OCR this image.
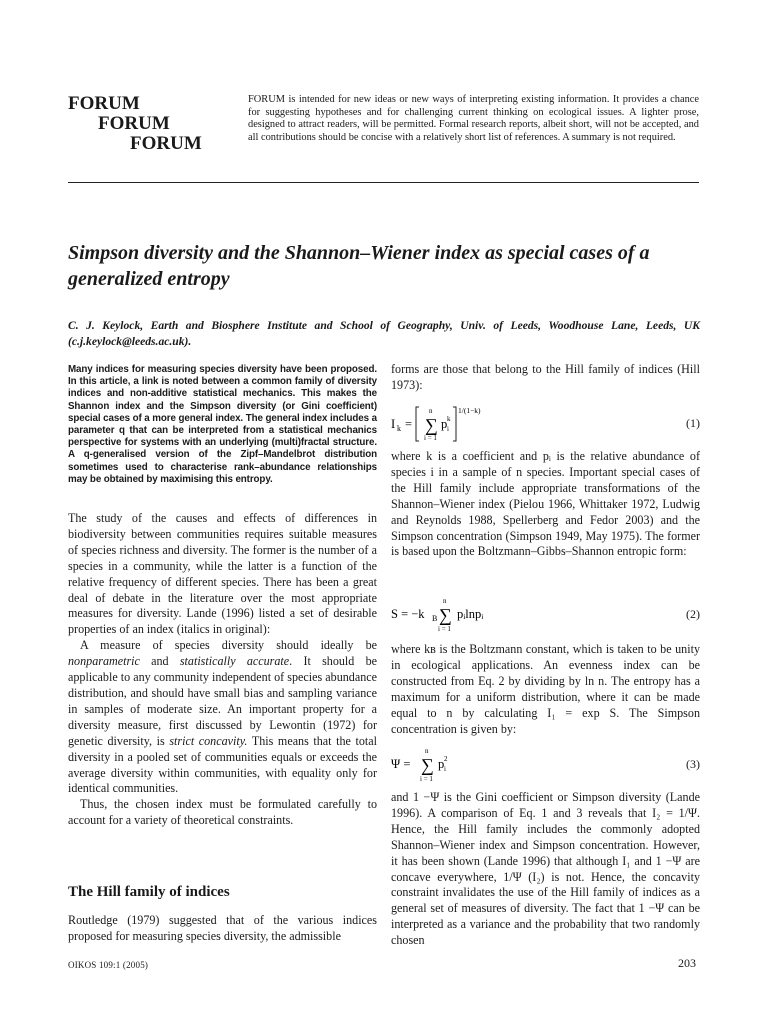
FORUM
FORUM
FORUM
FORUM is intended for new ideas or new ways of interpreting existing information. It provides a chance for suggesting hypotheses and for challenging current thinking on ecological issues. A lighter prose, designed to attract readers, will be permitted. Formal research reports, albeit short, will not be accepted, and all contributions should be concise with a relatively short list of references. A summary is not required.
Simpson diversity and the Shannon–Wiener index as special cases of a generalized entropy
C. J. Keylock, Earth and Biosphere Institute and School of Geography, Univ. of Leeds, Woodhouse Lane, Leeds, UK (c.j.keylock@leeds.ac.uk).
Many indices for measuring species diversity have been proposed. In this article, a link is noted between a common family of diversity indices and non-additive statistical mechanics. This makes the Shannon index and the Simpson diversity (or Gini coefficient) special cases of a more general index. The general index includes a parameter q that can be interpreted from a statistical mechanics perspective for systems with an underlying (multi)fractal structure. A q-generalised version of the Zipf–Mandelbrot distribution sometimes used to characterise rank–abundance relationships may be obtained by maximising this entropy.

The study of the causes and effects of differences in biodiversity between communities requires suitable measures of species richness and diversity. The former is the number of a species in a community, while the latter is a function of the relative frequency of different species. There has been a great deal of debate in the literature over the most appropriate measures for diversity. Lande (1996) listed a set of desirable properties of an index (italics in original):

A measure of species diversity should ideally be nonparametric and statistically accurate. It should be applicable to any community independent of species abundance distribution, and should have small bias and sampling variance in samples of moderate size. An important property for a diversity measure, first discussed by Lewontin (1972) for genetic diversity, is strict concavity. This means that the total diversity in a pooled set of communities equals or exceeds the average diversity within communities, with equality only for identical communities.

Thus, the chosen index must be formulated carefully to account for a variety of theoretical constraints.

The Hill family of indices
Routledge (1979) suggested that of the various indices proposed for measuring species diversity, the admissible
forms are those that belong to the Hill family of indices (Hill 1973):
I k =
n
∑
i = 1
p k
i
1/(1−k)
(1)
where k is a coefficient and pᵢ is the relative abundance of species i in a sample of n species. Important special cases of the Hill family include appropriate transformations of the Shannon–Wiener index (Pielou 1966, Whittaker 1972, Ludwig and Reynolds 1988, Spellerberg and Fedor 2003) and the Simpson concentration (Simpson 1949, May 1975). The former is based upon the Boltzmann–Gibbs–Shannon entropic form:
S = −k B
n
∑
i = 1
pᵢlnpᵢ	(2)
where kʙ is the Boltzmann constant, which is taken to be unity in ecological applications. An evenness index can be constructed from Eq. 2 by dividing by ln n. The entropy has a maximum for a uniform distribution, where it can be made equal to n by calculating I₁ = exp S. The Simpson concentration is given by:
Ψ =
n
∑
i = 1
p 2
i	(3)
and 1 −Ψ is the Gini coefficient or Simpson diversity (Lande 1996). A comparison of Eq. 1 and 3 reveals that I₂ = 1/Ψ. Hence, the Hill family includes the commonly adopted Shannon–Wiener index and Simpson concentration. However, it has been shown (Lande 1996) that although I₁ and 1 −Ψ are concave everywhere, 1/Ψ (I₂) is not. Hence, the concavity constraint invalidates the use of the Hill family of indices as a general set of measures of diversity. The fact that 1 −Ψ can be interpreted as a variance and the probability that two randomly chosen
OIKOS 109:1 (2005)	203
